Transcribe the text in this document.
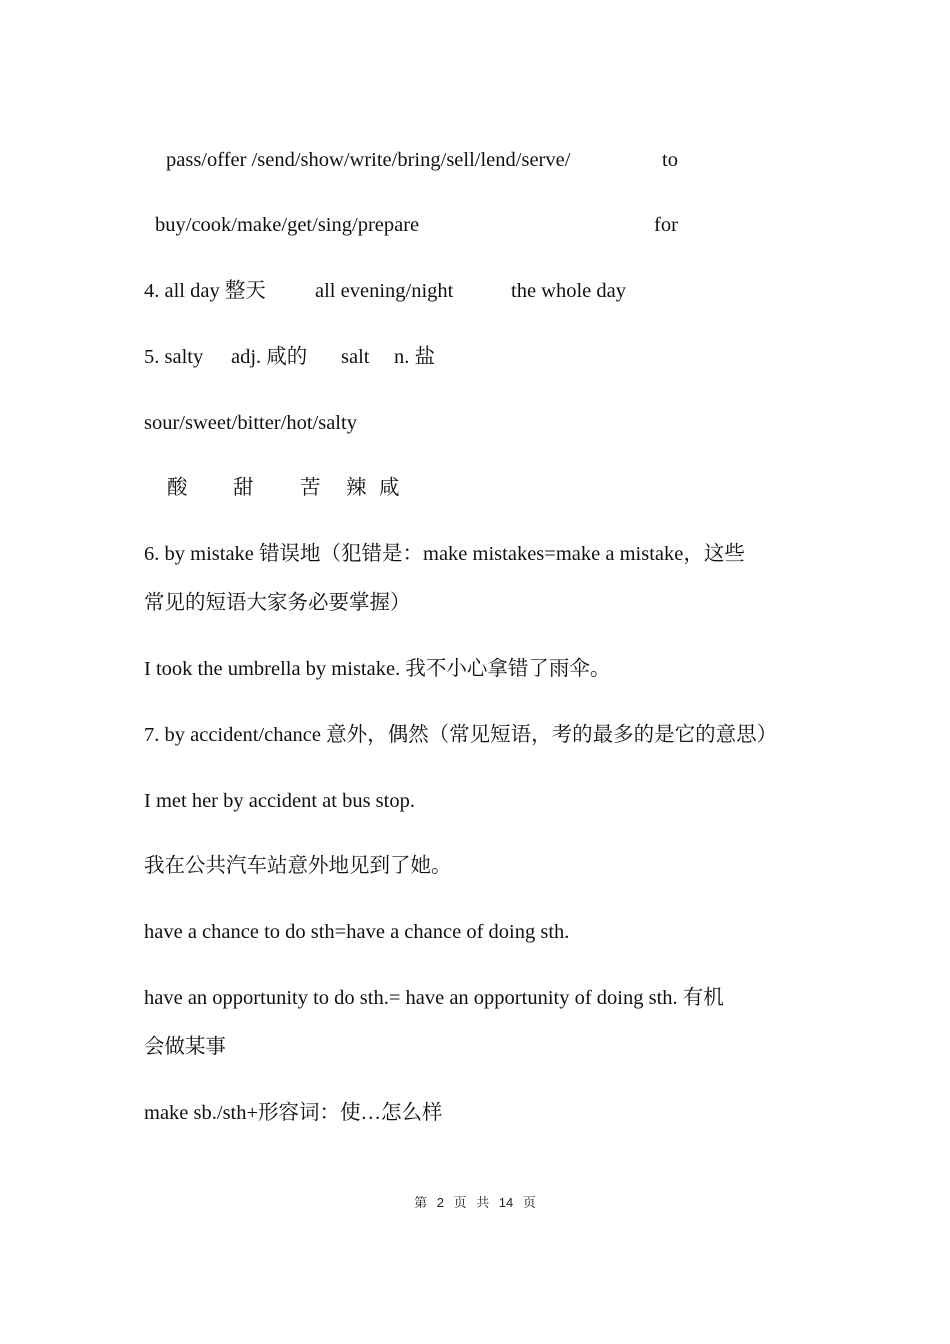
pass/offer /send/show/write/bring/sell/lend/serve/	to
buy/cook/make/get/sing/prepare	for
4. all day 整天 all evening/night	the whole day
5. salty adj. 咸的 salt n. 盐
sour/sweet/bitter/hot/salty
酸 甜 苦 辣 咸
6. by mistake 错误地（犯错是：make mistakes=make a mistake，这些
常见的短语大家务必要掌握）
I took the umbrella by mistake. 我不小心拿错了雨伞。
7. by accident/chance 意外，偶然（常见短语，考的最多的是它的意思）
I met her by accident at bus stop.
我在公共汽车站意外地见到了她。
have a chance to do sth=have a chance of doing sth.
have an opportunity to do sth.= have an opportunity of doing sth. 有机
会做某事
make sb./sth+形容词：使…怎么样
第 2 页 共 14 页
